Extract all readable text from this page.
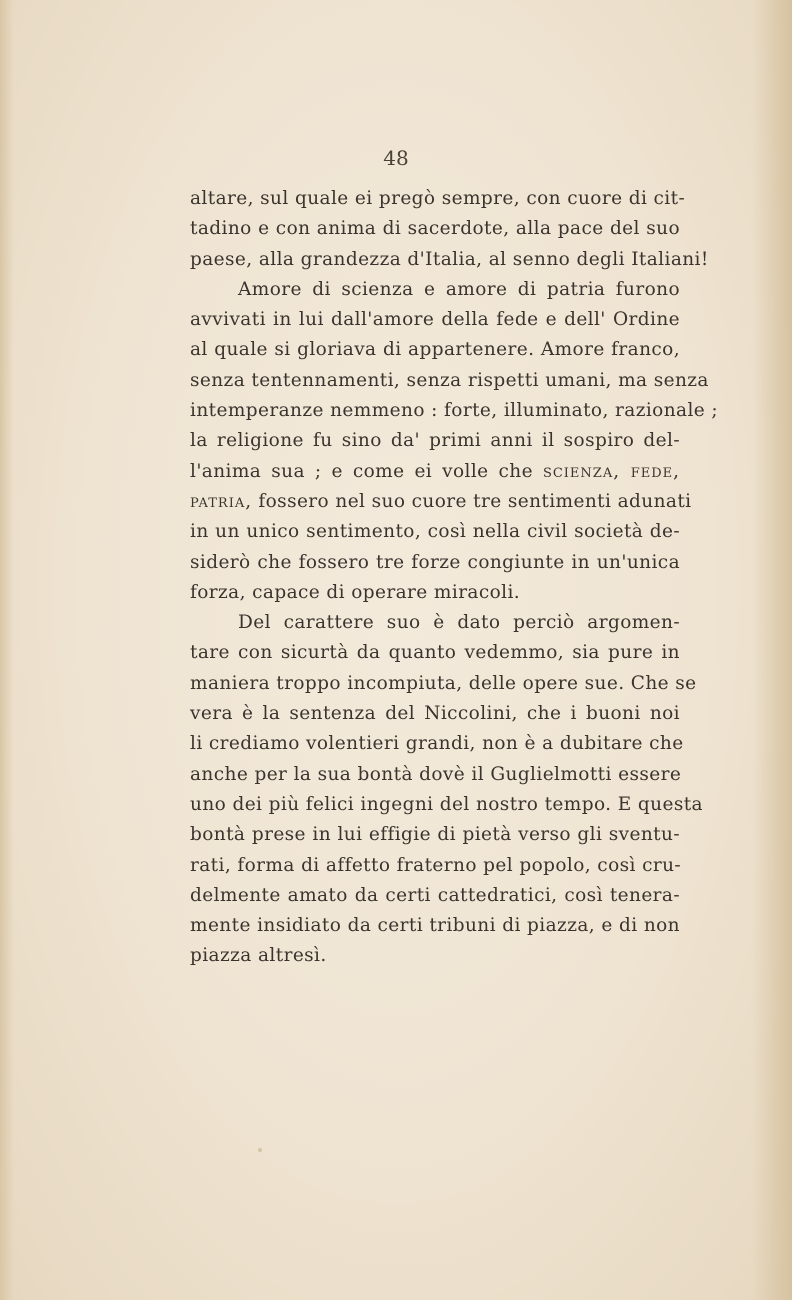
48
altare, sul quale ei pregò sempre, con cuore di cit-
tadino e con anima di sacerdote, alla pace del suo
paese, alla grandezza d'Italia, al senno degli Italiani!
Amore di scienza e amore di patria furono
avvivati in lui dall'amore della fede e dell' Ordine
al quale si gloriava di appartenere. Amore franco,
senza tentennamenti, senza rispetti umani, ma senza
intemperanze nemmeno : forte, illuminato, razionale ;
la religione fu sino da' primi anni il sospiro del-
l'anima sua ; e come ei volle che scienza, fede,
patria, fossero nel suo cuore tre sentimenti adunati
in un unico sentimento, così nella civil società de-
siderò che fossero tre forze congiunte in un'unica
forza, capace di operare miracoli.
Del carattere suo è dato perciò argomen-
tare con sicurtà da quanto vedemmo, sia pure in
maniera troppo incompiuta, delle opere sue. Che se
vera è la sentenza del Niccolini, che i buoni noi
li crediamo volentieri grandi, non è a dubitare che
anche per la sua bontà dovè il Guglielmotti essere
uno dei più felici ingegni del nostro tempo. E questa
bontà prese in lui effigie di pietà verso gli sventu-
rati, forma di affetto fraterno pel popolo, così cru-
delmente amato da certi cattedratici, così tenera-
mente insidiato da certi tribuni di piazza, e di non
piazza altresì.
